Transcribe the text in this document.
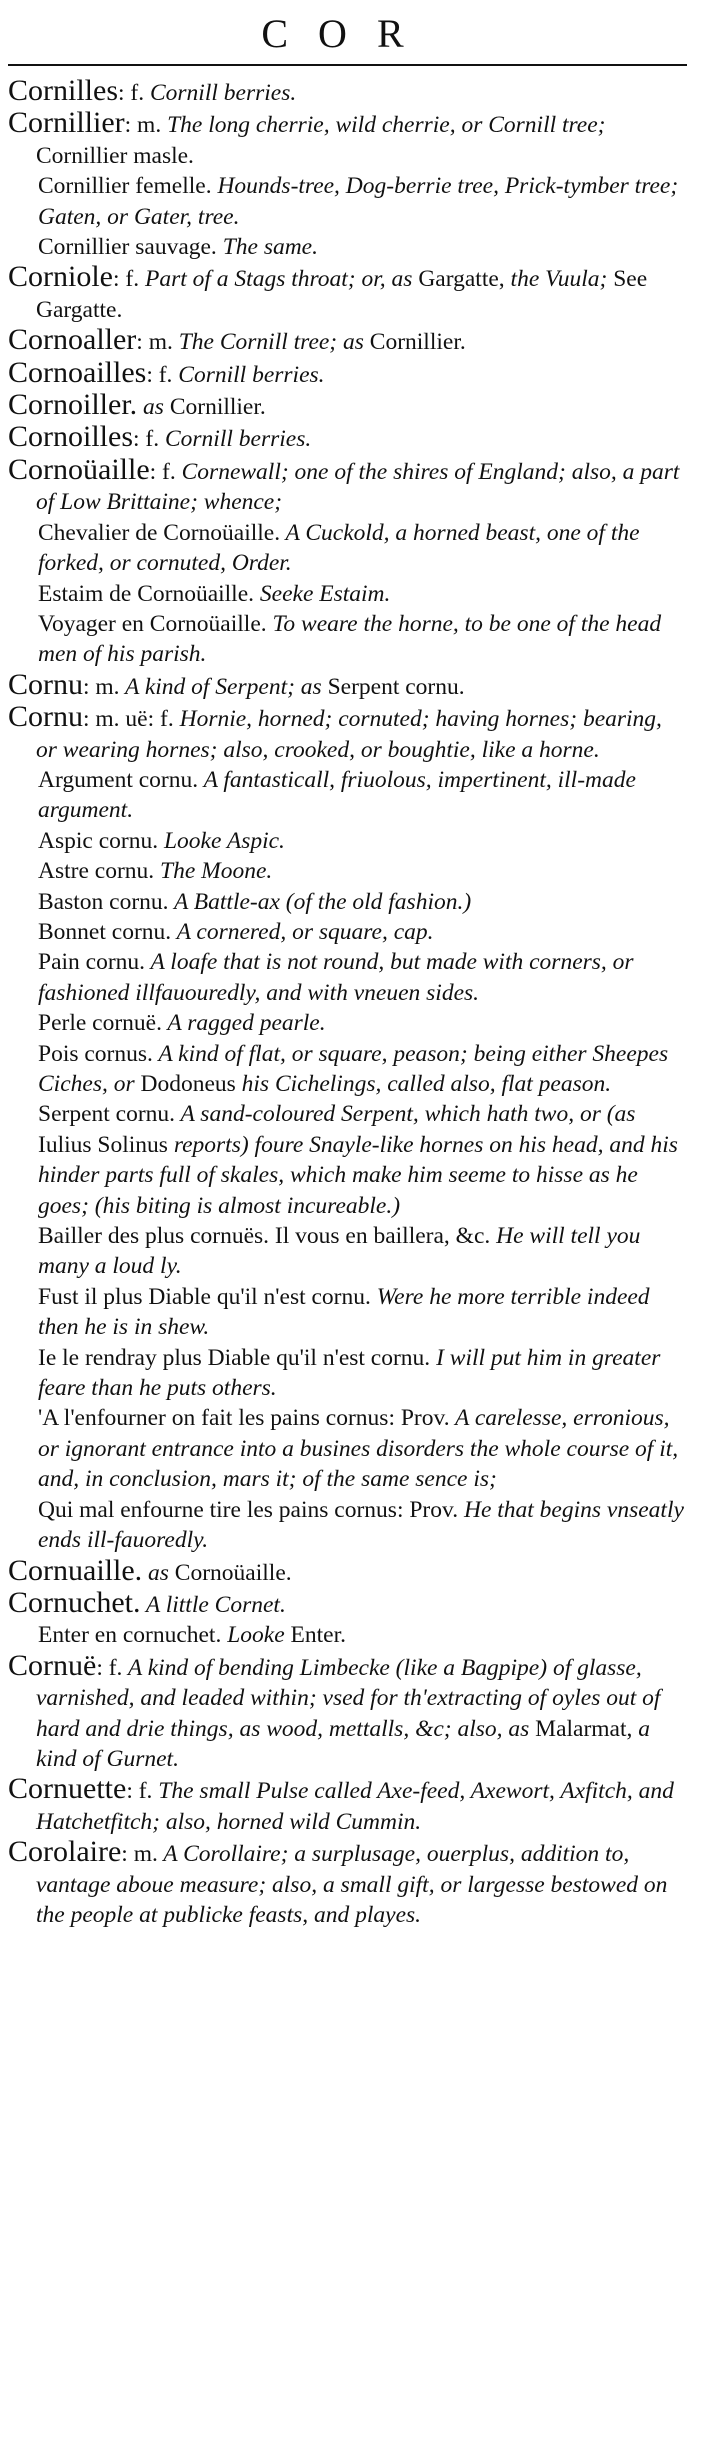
COR
Cornilles: f. Cornill berries.
Cornillier: m. The long cherrie, wild cherrie, or Cornill tree; Cornillier masle.
Cornillier femelle. Hounds-tree, Dog-berrie tree, Prick-tymber tree; Gaten, or Gater, tree.
Cornillier sauvage. The same.
Corniole: f. Part of a Stags throat; or, as Gargatte, the Vuula; See Gargatte.
Cornoaller: m. The Cornill tree; as Cornillier.
Cornoailles: f. Cornill berries.
Cornoiller. as Cornillier.
Cornoilles: f. Cornill berries.
Cornoüaille: f. Cornewall; one of the shires of England; also, a part of Low Brittaine; whence;
Chevalier de Cornoüaille. A Cuckold, a horned beast, one of the forked, or cornuted, Order.
Estaim de Cornoüaille. Seeke Estaim.
Voyager en Cornoüaille. To weare the horne, to be one of the head men of his parish.
Cornu: m. A kind of Serpent; as Serpent cornu.
Cornu: m. uë: f. Hornie, horned; cornuted; having hornes; bearing, or wearing hornes; also, crooked, or boughtie, like a horne.
Argument cornu. A fantasticall, friuolous, impertinent, ill-made argument.
Aspic cornu. Looke Aspic.
Astre cornu. The Moone.
Baston cornu. A Battle-ax (of the old fashion.)
Bonnet cornu. A cornered, or square, cap.
Pain cornu. A loafe that is not round, but made with corners, or fashioned illfauouredly, and with vneuen sides.
Perle cornuë. A ragged pearle.
Pois cornus. A kind of flat, or square, peason; being either Sheepes Ciches, or Dodoneus his Cichelings, called also, flat peason.
Serpent cornu. A sand-coloured Serpent, which hath two, or (as Iulius Solinus reports) foure Snayle-like hornes on his head, and his hinder parts full of skales, which make him seeme to hisse as he goes; (his biting is almost incureable.)
Bailler des plus cornuës. Il vous en baillera, &c. He will tell you many a loud ly.
Fust il plus Diable qu'il n'est cornu. Were he more terrible indeed then he is in shew.
Ie le rendray plus Diable qu'il n'est cornu. I will put him in greater feare than he puts others.
'A l'enfourner on fait les pains cornus: Prov. A carelesse, erronious, or ignorant entrance into a busines disorders the whole course of it, and, in conclusion, mars it; of the same sence is;
Qui mal enfourne tire les pains cornus: Prov. He that begins vnseatly ends ill-fauoredly.
Cornuaille. as Cornoüaille.
Cornuchet. A little Cornet.
Enter en cornuchet. Looke Enter.
Cornuë: f. A kind of bending Limbecke (like a Bagpipe) of glasse, varnished, and leaded within; vsed for th'extracting of oyles out of hard and drie things, as wood, mettalls, &c; also, as Malarmat, a kind of Gurnet.
Cornuette: f. The small Pulse called Axe-feed, Axewort, Axfitch, and Hatchetfitch; also, horned wild Cummin.
Corolaire: m. A Corollaire; a surplusage, ouerplus, addition to, vantage aboue measure; also, a small gift, or largesse bestowed on the people at publicke feasts, and playes.
